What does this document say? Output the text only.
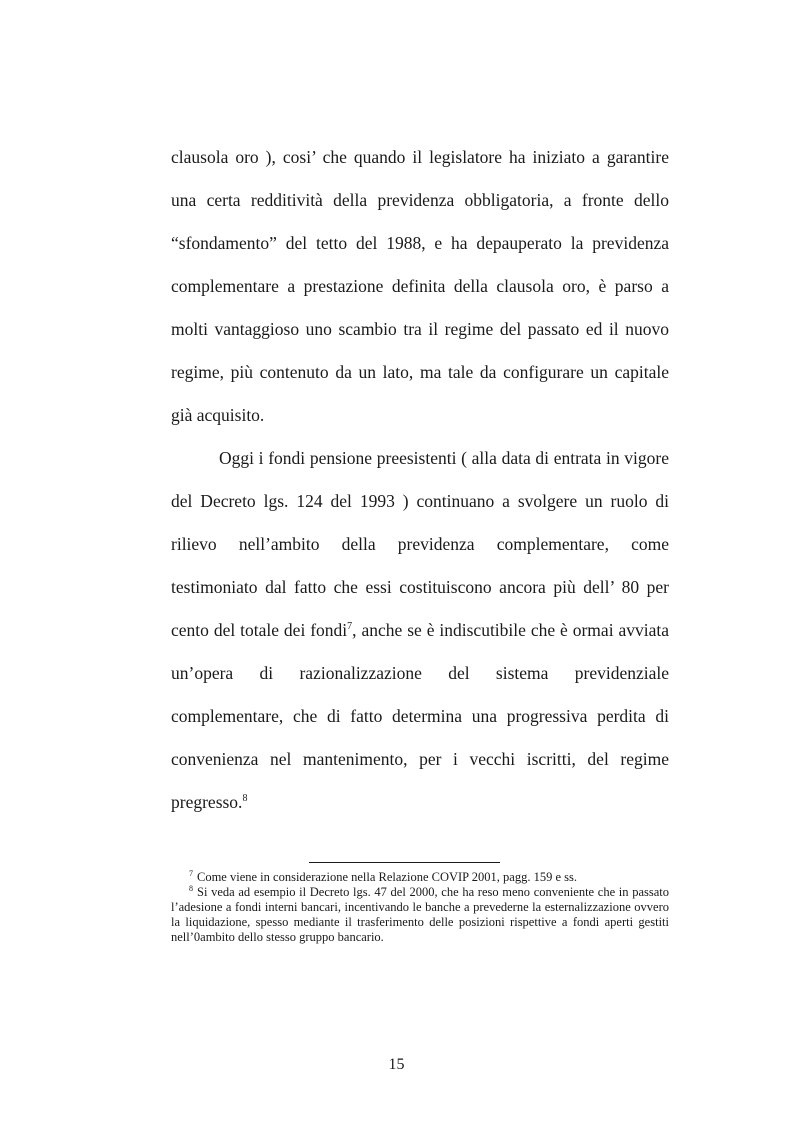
clausola oro ), cosi’ che quando il legislatore ha iniziato a garantire una certa redditività della previdenza obbligatoria, a fronte dello “sfondamento” del tetto del 1988, e ha depauperato la previdenza complementare a prestazione definita della clausola oro, è parso a molti vantaggioso uno scambio tra il regime del passato ed il nuovo regime, più contenuto da un lato, ma tale da configurare un capitale già acquisito.

Oggi i fondi pensione preesistenti ( alla data di entrata in vigore del Decreto lgs. 124 del 1993 ) continuano a svolgere un ruolo di rilievo nell’ambito della previdenza complementare, come testimoniato dal fatto che essi costituiscono ancora più dell’ 80 per cento del totale dei fondi$^7$, anche se è indiscutibile che è ormai avviata un’opera di razionalizzazione del sistema previdenziale complementare, che di fatto determina una progressiva perdita di convenienza nel mantenimento, per i vecchi iscritti, del regime pregresso.$^8$

$^7$ Come viene in considerazione nella Relazione COVIP 2001, pagg. 159 e ss.

$^8$ Si veda ad esempio il Decreto lgs. 47 del 2000, che ha reso meno conveniente che in passato l’adesione a fondi interni bancari, incentivando le banche a prevederne la esternalizzazione ovvero la liquidazione, spesso mediante il trasferimento delle posizioni rispettive a fondi aperti gestiti nell’0ambito dello stesso gruppo bancario.

15
